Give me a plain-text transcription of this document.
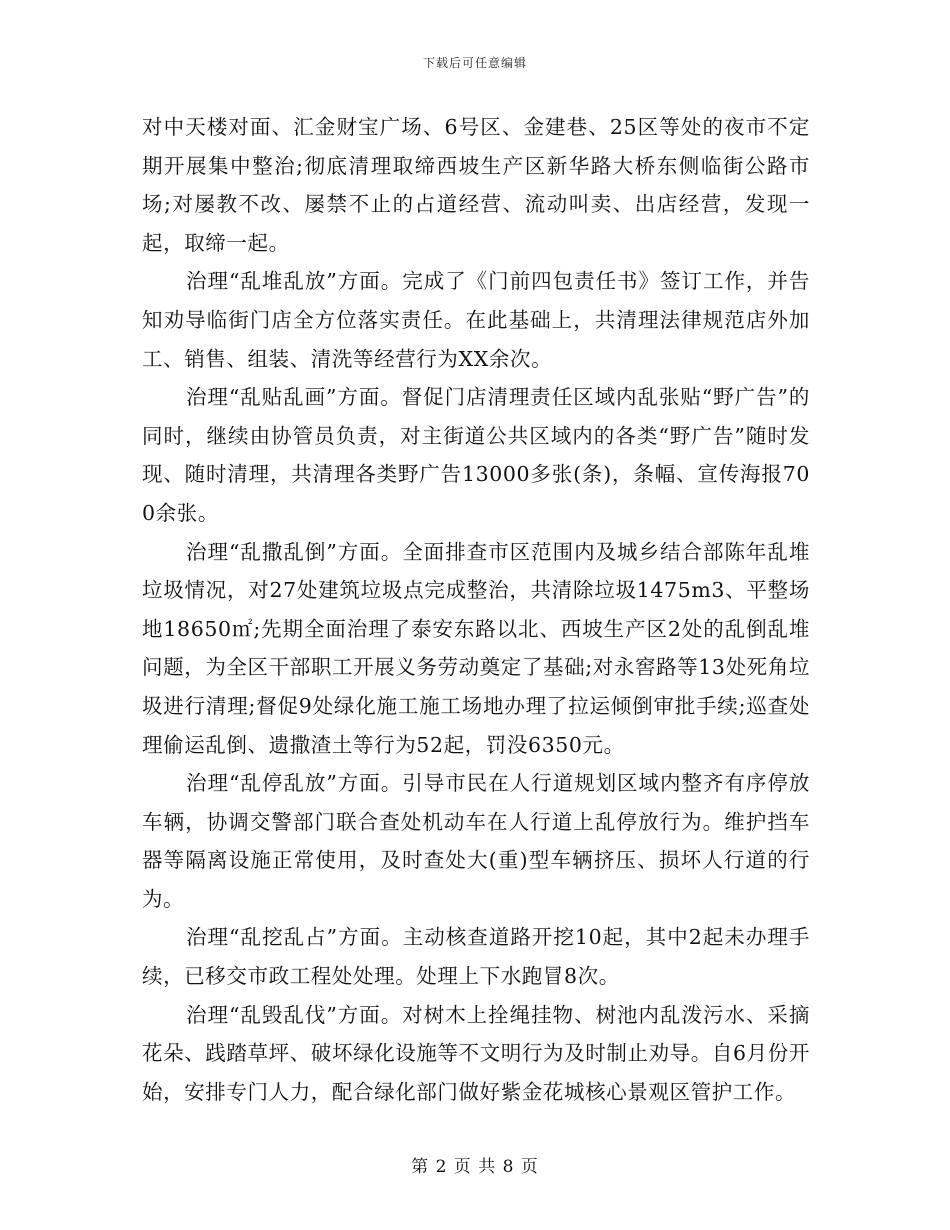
下载后可任意编辑

对中天楼对面、汇金财宝广场、6号区、金建巷、25区等处的夜市不定期开展集中整治;彻底清理取缔西坡生产区新华路大桥东侧临街公路市场;对屡教不改、屡禁不止的占道经营、流动叫卖、出店经营，发现一起，取缔一起。

治理“乱堆乱放”方面。完成了《门前四包责任书》签订工作，并告知劝导临街门店全方位落实责任。在此基础上，共清理法律规范店外加工、销售、组装、清洗等经营行为XX余次。

治理“乱贴乱画”方面。督促门店清理责任区域内乱张贴“野广告”的同时，继续由协管员负责，对主街道公共区域内的各类“野广告”随时发现、随时清理，共清理各类野广告13000多张(条)，条幅、宣传海报700余张。

治理“乱撒乱倒”方面。全面排查市区范围内及城乡结合部陈年乱堆垃圾情况，对27处建筑垃圾点完成整治，共清除垃圾1475m3、平整场地18650㎡;先期全面治理了泰安东路以北、西坡生产区2处的乱倒乱堆问题，为全区干部职工开展义务劳动奠定了基础;对永窖路等13处死角垃圾进行清理;督促9处绿化施工施工场地办理了拉运倾倒审批手续;巡查处理偷运乱倒、遗撒渣土等行为52起，罚没6350元。

治理“乱停乱放”方面。引导市民在人行道规划区域内整齐有序停放车辆，协调交警部门联合查处机动车在人行道上乱停放行为。维护挡车器等隔离设施正常使用，及时查处大(重)型车辆挤压、损坏人行道的行为。

治理“乱挖乱占”方面。主动核查道路开挖10起，其中2起未办理手续，已移交市政工程处处理。处理上下水跑冒8次。

治理“乱毁乱伐”方面。对树木上拴绳挂物、树池内乱泼污水、采摘花朵、践踏草坪、破坏绿化设施等不文明行为及时制止劝导。自6月份开始，安排专门人力，配合绿化部门做好紫金花城核心景观区管护工作。

第 2 页 共 8 页
